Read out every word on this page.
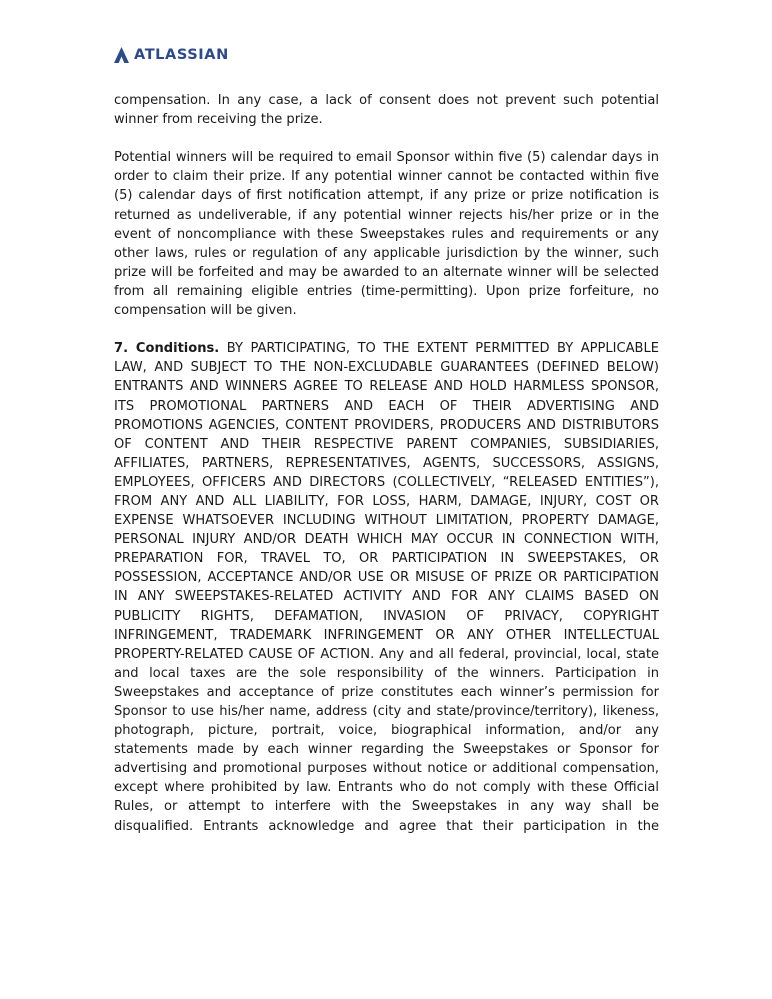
ATLASSIAN

compensation. In any case, a lack of consent does not prevent such potential winner from receiving the prize.

Potential winners will be required to email Sponsor within five (5) calendar days in order to claim their prize. If any potential winner cannot be contacted within five (5) calendar days of first notification attempt, if any prize or prize notification is returned as undeliverable, if any potential winner rejects his/her prize or in the event of noncompliance with these Sweepstakes rules and requirements or any other laws, rules or regulation of any applicable jurisdiction by the winner, such prize will be forfeited and may be awarded to an alternate winner will be selected from all remaining eligible entries (time-permitting). Upon prize forfeiture, no compensation will be given.

7. Conditions. BY PARTICIPATING, TO THE EXTENT PERMITTED BY APPLICABLE LAW, AND SUBJECT TO THE NON-EXCLUDABLE GUARANTEES (DEFINED BELOW) ENTRANTS AND WINNERS AGREE TO RELEASE AND HOLD HARMLESS SPONSOR, ITS PROMOTIONAL PARTNERS AND EACH OF THEIR ADVERTISING AND PROMOTIONS AGENCIES, CONTENT PROVIDERS, PRODUCERS AND DISTRIBUTORS OF CONTENT AND THEIR RESPECTIVE PARENT COMPANIES, SUBSIDIARIES, AFFILIATES, PARTNERS, REPRESENTATIVES, AGENTS, SUCCESSORS, ASSIGNS, EMPLOYEES, OFFICERS AND DIRECTORS (COLLECTIVELY, “RELEASED ENTITIES”), FROM ANY AND ALL LIABILITY, FOR LOSS, HARM, DAMAGE, INJURY, COST OR EXPENSE WHATSOEVER INCLUDING WITHOUT LIMITATION, PROPERTY DAMAGE, PERSONAL INJURY AND/OR DEATH WHICH MAY OCCUR IN CONNECTION WITH, PREPARATION FOR, TRAVEL TO, OR PARTICIPATION IN SWEEPSTAKES, OR POSSESSION, ACCEPTANCE AND/OR USE OR MISUSE OF PRIZE OR PARTICIPATION IN ANY SWEEPSTAKES-RELATED ACTIVITY AND FOR ANY CLAIMS BASED ON PUBLICITY RIGHTS, DEFAMATION, INVASION OF PRIVACY, COPYRIGHT INFRINGEMENT, TRADEMARK INFRINGEMENT OR ANY OTHER INTELLECTUAL PROPERTY-RELATED CAUSE OF ACTION. Any and all federal, provincial, local, state and local taxes are the sole responsibility of the winners. Participation in Sweepstakes and acceptance of prize constitutes each winner’s permission for Sponsor to use his/her name, address (city and state/province/territory), likeness, photograph, picture, portrait, voice, biographical information, and/or any statements made by each winner regarding the Sweepstakes or Sponsor for advertising and promotional purposes without notice or additional compensation, except where prohibited by law. Entrants who do not comply with these Official Rules, or attempt to interfere with the Sweepstakes in any way shall be disqualified. Entrants acknowledge and agree that their participation in the
